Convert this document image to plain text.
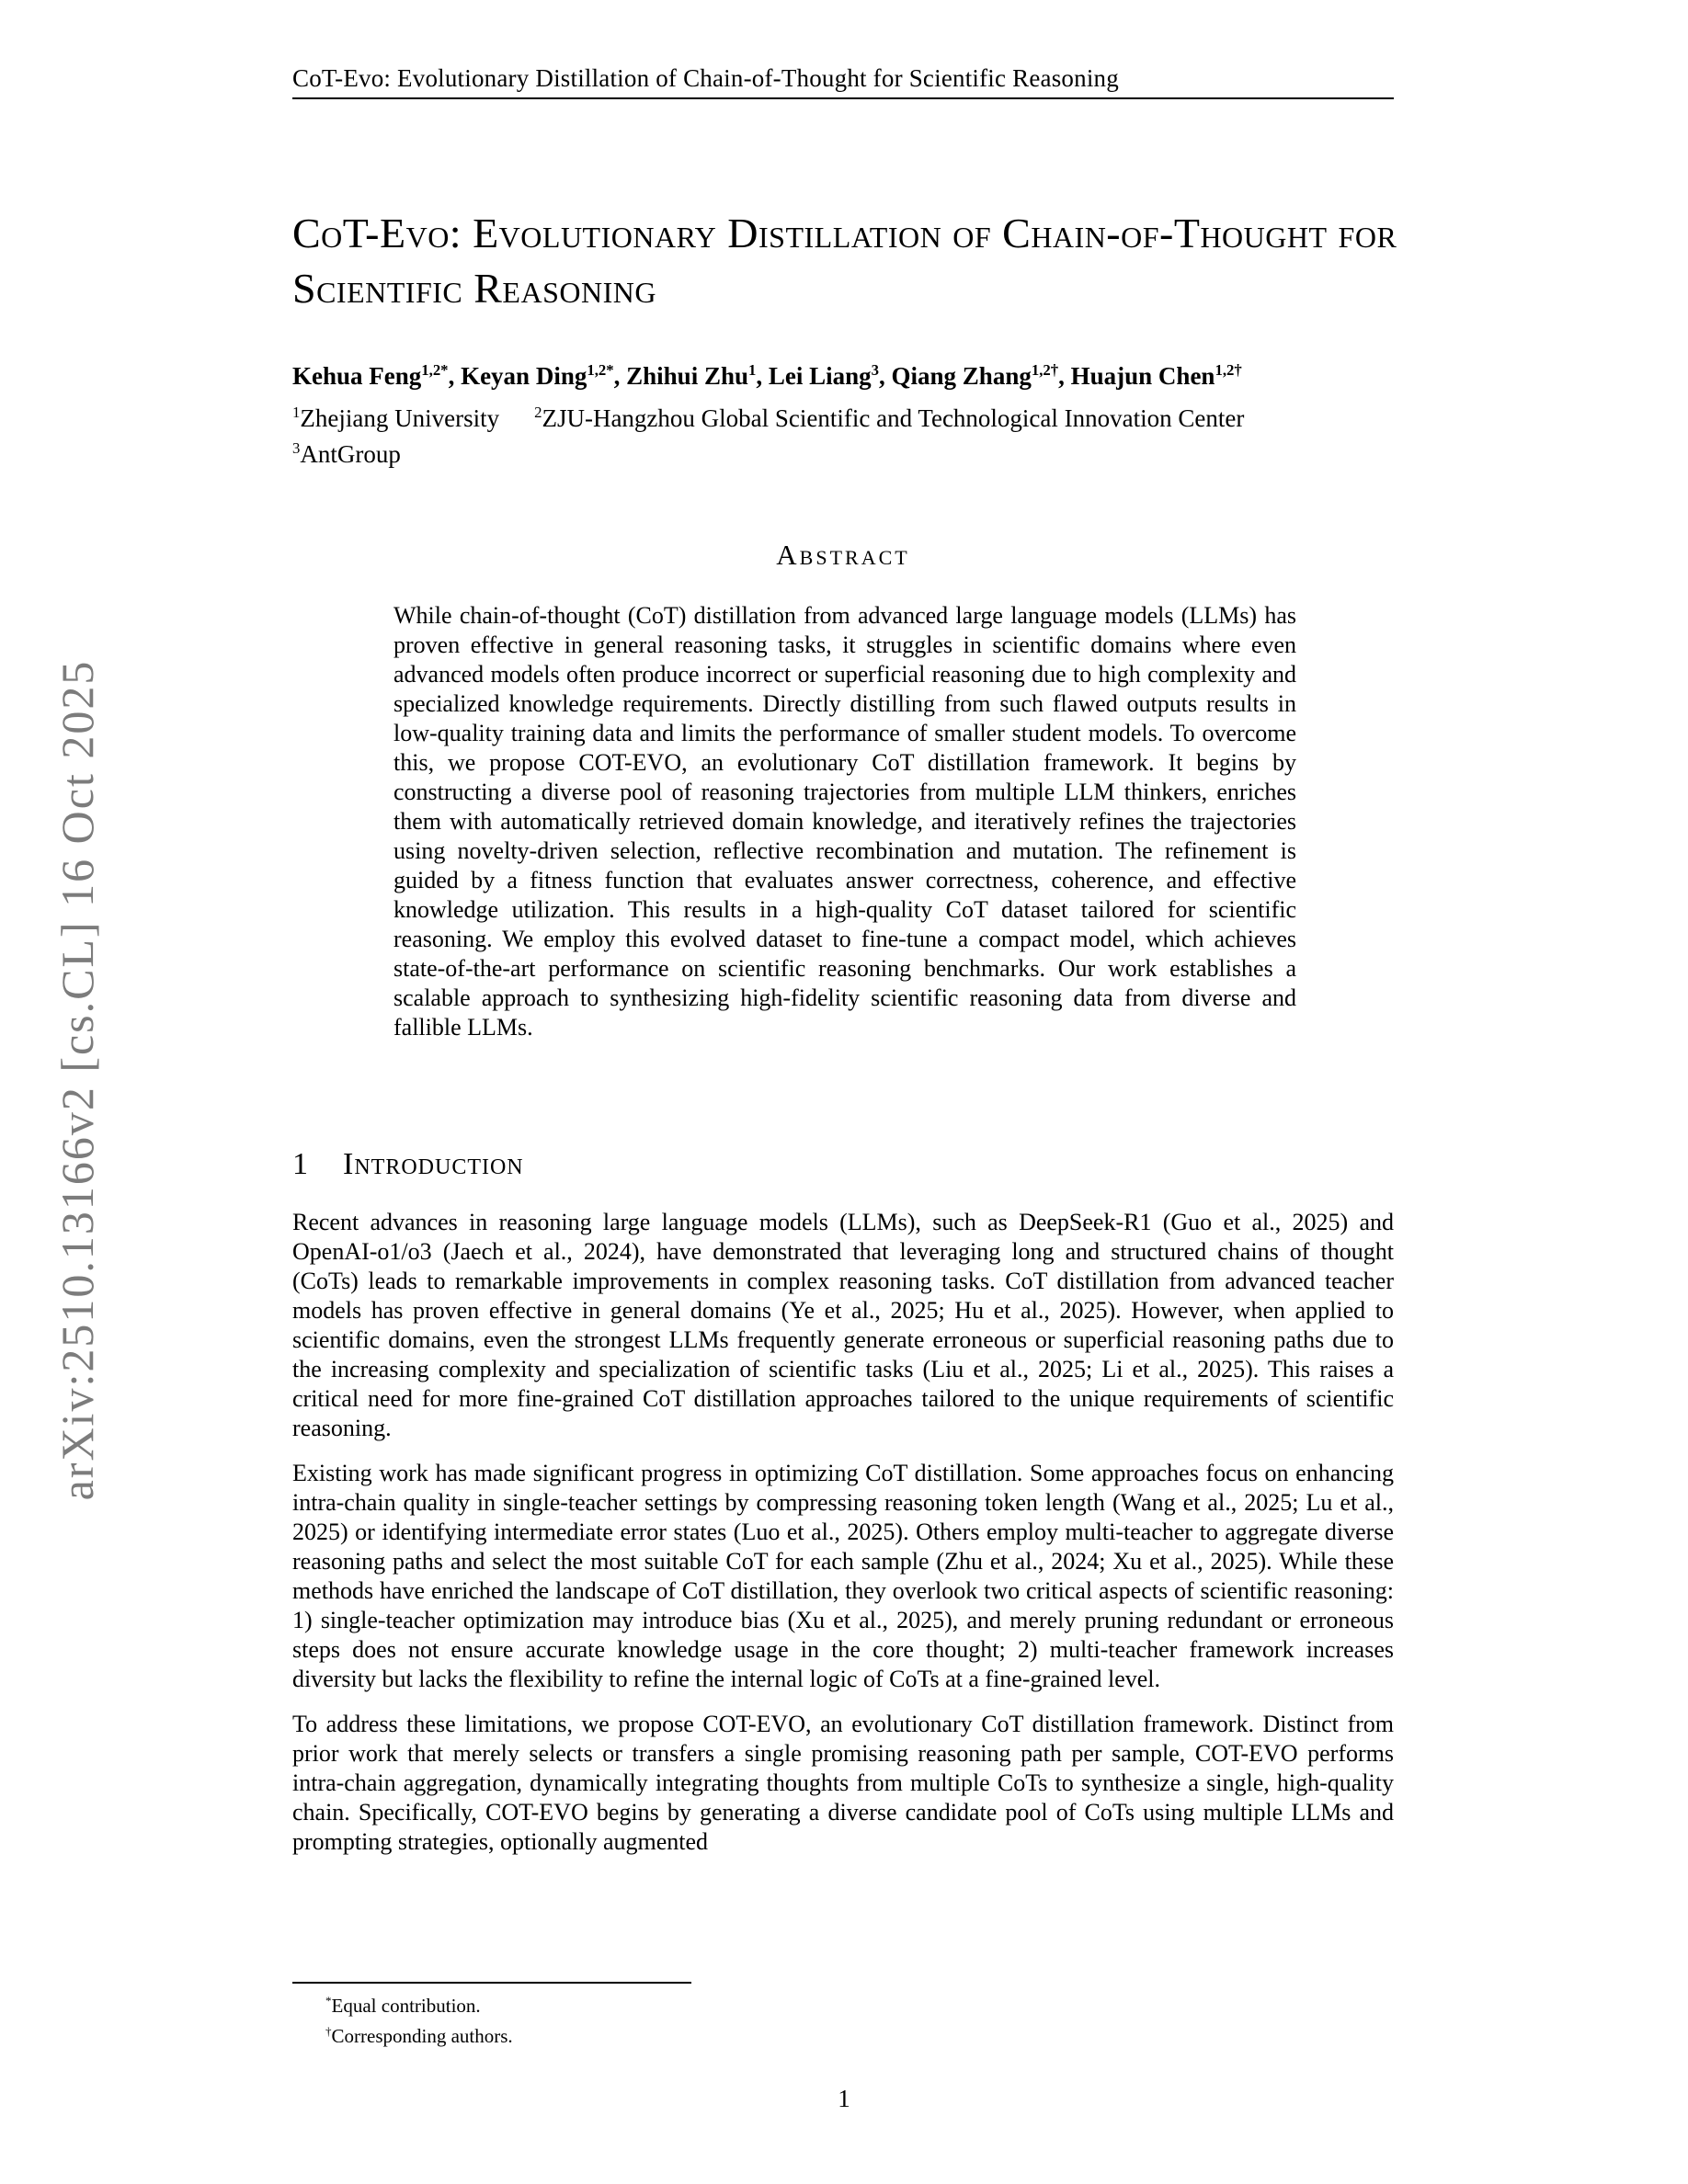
CoT-Evo: Evolutionary Distillation of Chain-of-Thought for Scientific Reasoning
arXiv:2510.13166v2 [cs.CL] 16 Oct 2025
CoT-Evo: Evolutionary Distillation of Chain-of-Thought for Scientific Reasoning
Kehua Feng$^{1,2*}$, Keyan Ding$^{1,2*}$, Zhihui Zhu$^1$, Lei Liang$^3$, Qiang Zhang$^{1,2\dagger}$, Huajun Chen$^{1,2\dagger}$
$^1$Zhejiang University $^2$ZJU-Hangzhou Global Scientific and Technological Innovation Center
$^3$AntGroup
Abstract

While chain-of-thought (CoT) distillation from advanced large language models (LLMs) has proven effective in general reasoning tasks, it struggles in scientific domains where even advanced models often produce incorrect or superficial reasoning due to high complexity and specialized knowledge requirements. Directly distilling from such flawed outputs results in low-quality training data and limits the performance of smaller student models. To overcome this, we propose COT-EVO, an evolutionary CoT distillation framework. It begins by constructing a diverse pool of reasoning trajectories from multiple LLM thinkers, enriches them with automatically retrieved domain knowledge, and iteratively refines the trajectories using novelty-driven selection, reflective recombination and mutation. The refinement is guided by a fitness function that evaluates answer correctness, coherence, and effective knowledge utilization. This results in a high-quality CoT dataset tailored for scientific reasoning. We employ this evolved dataset to fine-tune a compact model, which achieves state-of-the-art performance on scientific reasoning benchmarks. Our work establishes a scalable approach to synthesizing high-fidelity scientific reasoning data from diverse and fallible LLMs.

1 Introduction

Recent advances in reasoning large language models (LLMs), such as DeepSeek-R1 (Guo et al., 2025) and OpenAI-o1/o3 (Jaech et al., 2024), have demonstrated that leveraging long and structured chains of thought (CoTs) leads to remarkable improvements in complex reasoning tasks. CoT distillation from advanced teacher models has proven effective in general domains (Ye et al., 2025; Hu et al., 2025). However, when applied to scientific domains, even the strongest LLMs frequently generate erroneous or superficial reasoning paths due to the increasing complexity and specialization of scientific tasks (Liu et al., 2025; Li et al., 2025). This raises a critical need for more fine-grained CoT distillation approaches tailored to the unique requirements of scientific reasoning.

Existing work has made significant progress in optimizing CoT distillation. Some approaches focus on enhancing intra-chain quality in single-teacher settings by compressing reasoning token length (Wang et al., 2025; Lu et al., 2025) or identifying intermediate error states (Luo et al., 2025). Others employ multi-teacher to aggregate diverse reasoning paths and select the most suitable CoT for each sample (Zhu et al., 2024; Xu et al., 2025). While these methods have enriched the landscape of CoT distillation, they overlook two critical aspects of scientific reasoning: 1) single-teacher optimization may introduce bias (Xu et al., 2025), and merely pruning redundant or erroneous steps does not ensure accurate knowledge usage in the core thought; 2) multi-teacher framework increases diversity but lacks the flexibility to refine the internal logic of CoTs at a fine-grained level.

To address these limitations, we propose COT-EVO, an evolutionary CoT distillation framework. Distinct from prior work that merely selects or transfers a single promising reasoning path per sample, COT-EVO performs intra-chain aggregation, dynamically integrating thoughts from multiple CoTs to synthesize a single, high-quality chain. Specifically, COT-EVO begins by generating a diverse candidate pool of CoTs using multiple LLMs and prompting strategies, optionally augmented

*Equal contribution.
†Corresponding authors.
1
